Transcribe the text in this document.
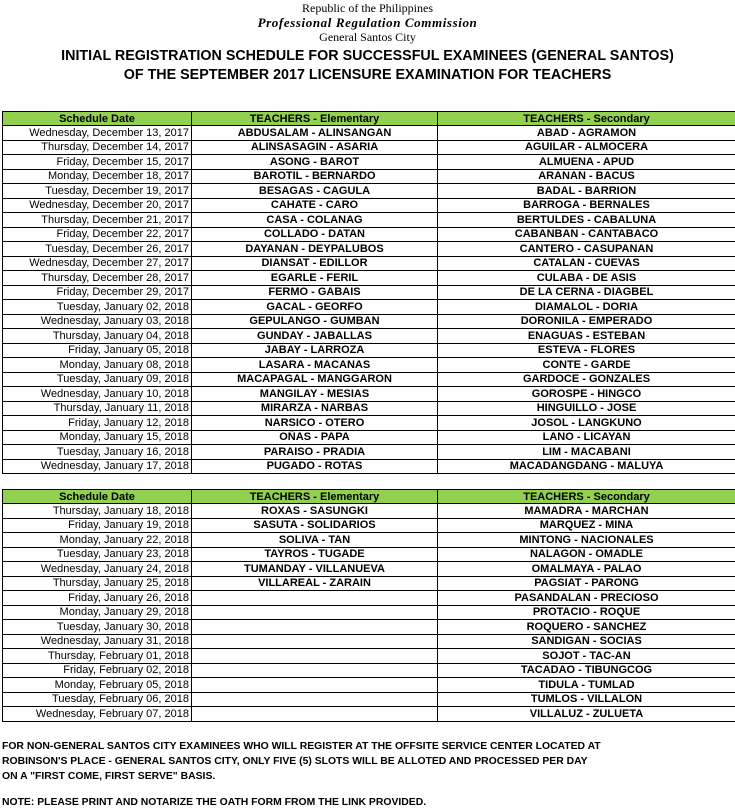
Republic of the Philippines
Professional Regulation Commission
General Santos City
INITIAL REGISTRATION SCHEDULE FOR SUCCESSFUL EXAMINEES (GENERAL SANTOS)
OF THE SEPTEMBER 2017 LICENSURE EXAMINATION FOR TEACHERS
Schedule Date	TEACHERS - Elementary	TEACHERS - Secondary
Wednesday, December 13, 2017	ABDUSALAM - ALINSANGAN	ABAD - AGRAMON
Thursday, December 14, 2017	ALINSASAGIN - ASARIA	AGUILAR - ALMOCERA
Friday, December 15, 2017	ASONG - BAROT	ALMUENA - APUD
Monday, December 18, 2017	BAROTIL - BERNARDO	ARANAN - BACUS
Tuesday, December 19, 2017	BESAGAS - CAGULA	BADAL - BARRION
Wednesday, December 20, 2017	CAHATE - CARO	BARROGA - BERNALES
Thursday, December 21, 2017	CASA - COLANAG	BERTULDES - CABALUNA
Friday, December 22, 2017	COLLADO - DATAN	CABANBAN - CANTABACO
Tuesday, December 26, 2017	DAYANAN - DEYPALUBOS	CANTERO - CASUPANAN
Wednesday, December 27, 2017	DIANSAT - EDILLOR	CATALAN - CUEVAS
Thursday, December 28, 2017	EGARLE - FERIL	CULABA - DE ASIS
Friday, December 29, 2017	FERMO - GABAIS	DE LA CERNA - DIAGBEL
Tuesday, January 02, 2018	GACAL - GEORFO	DIAMALOL - DORIA
Wednesday, January 03, 2018	GEPULANGO - GUMBAN	DORONILA - EMPERADO
Thursday, January 04, 2018	GUNDAY - JABALLAS	ENAGUAS - ESTEBAN
Friday, January 05, 2018	JABAY - LARROZA	ESTEVA - FLORES
Monday, January 08, 2018	LASARA - MACANAS	CONTE - GARDE
Tuesday, January 09, 2018	MACAPAGAL - MANGGARON	GARDOCE - GONZALES
Wednesday, January 10, 2018	MANGILAY - MESIAS	GOROSPE - HINGCO
Thursday, January 11, 2018	MIRARZA - NARBAS	HINGUILLO - JOSE
Friday, January 12, 2018	NARSICO - OTERO	JOSOL - LANGKUNO
Monday, January 15, 2018	OÑAS - PAPA	LANO - LICAYAN
Tuesday, January 16, 2018	PARAISO - PRADIA	LIM - MACABANI
Wednesday, January 17, 2018	PUGADO - ROTAS	MACADANGDANG - MALUYA
Schedule Date	TEACHERS - Elementary	TEACHERS - Secondary
Thursday, January 18, 2018	ROXAS - SASUNGKI	MAMADRA - MARCHAN
Friday, January 19, 2018	SASUTA - SOLIDARIOS	MARQUEZ - MINA
Monday, January 22, 2018	SOLIVA - TAN	MINTONG - NACIONALES
Tuesday, January 23, 2018	TAYROS - TUGADE	NALAGON - OMADLE
Wednesday, January 24, 2018	TUMANDAY - VILLANUEVA	OMALMAYA - PALAO
Thursday, January 25, 2018	VILLAREAL - ZARAIN	PAGSIAT - PARONG
Friday, January 26, 2018		PASANDALAN - PRECIOSO
Monday, January 29, 2018		PROTACIO - ROQUE
Tuesday, January 30, 2018		ROQUERO - SANCHEZ
Wednesday, January 31, 2018		SANDIGAN - SOCIAS
Thursday, February 01, 2018		SOJOT - TAC-AN
Friday, February 02, 2018		TACADAO - TIBUNGCOG
Monday, February 05, 2018		TIDULA - TUMLAD
Tuesday, February 06, 2018		TUMLOS - VILLALON
Wednesday, February 07, 2018		VILLALUZ - ZULUETA
FOR NON-GENERAL SANTOS CITY EXAMINEES WHO WILL REGISTER AT THE OFFSITE SERVICE CENTER LOCATED AT
ROBINSON'S PLACE - GENERAL SANTOS CITY, ONLY FIVE (5) SLOTS WILL BE ALLOTED AND PROCESSED PER DAY
ON A "FIRST COME, FIRST SERVE" BASIS.
NOTE: PLEASE PRINT AND NOTARIZE THE OATH FORM FROM THE LINK PROVIDED.
